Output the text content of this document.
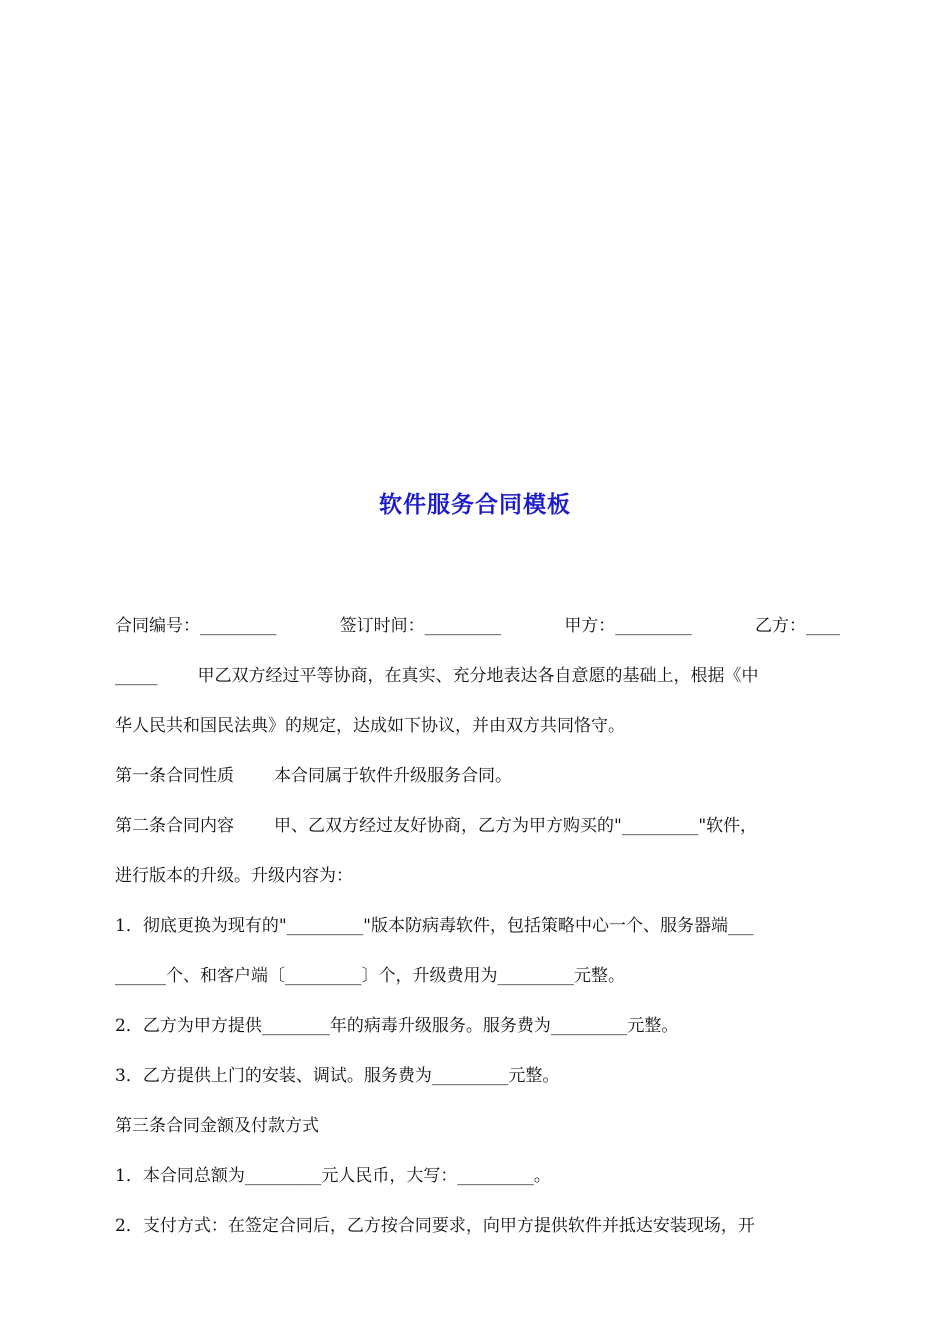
软件服务合同模板
合同编号：_________	签订时间：_________	甲方：_________	乙方：____
_____ 甲乙双方经过平等协商，在真实、充分地表达各自意愿的基础上，根据《中
华人民共和国民法典》的规定，达成如下协议，并由双方共同恪守。
第一条合同性质 本合同属于软件升级服务合同。
第二条合同内容 甲、乙双方经过友好协商，乙方为甲方购买的"_________"软件，
进行版本的升级。升级内容为：
1．彻底更换为现有的"_________"版本防病毒软件，包括策略中心一个、服务器端___
______个、和客户端〔_________〕个，升级费用为_________元整。
2．乙方为甲方提供________年的病毒升级服务。服务费为_________元整。
3．乙方提供上门的安装、调试。服务费为_________元整。
第三条合同金额及付款方式
1．本合同总额为_________元人民币，大写：_________。
2．支付方式：在签定合同后，乙方按合同要求，向甲方提供软件并抵达安装现场，开
